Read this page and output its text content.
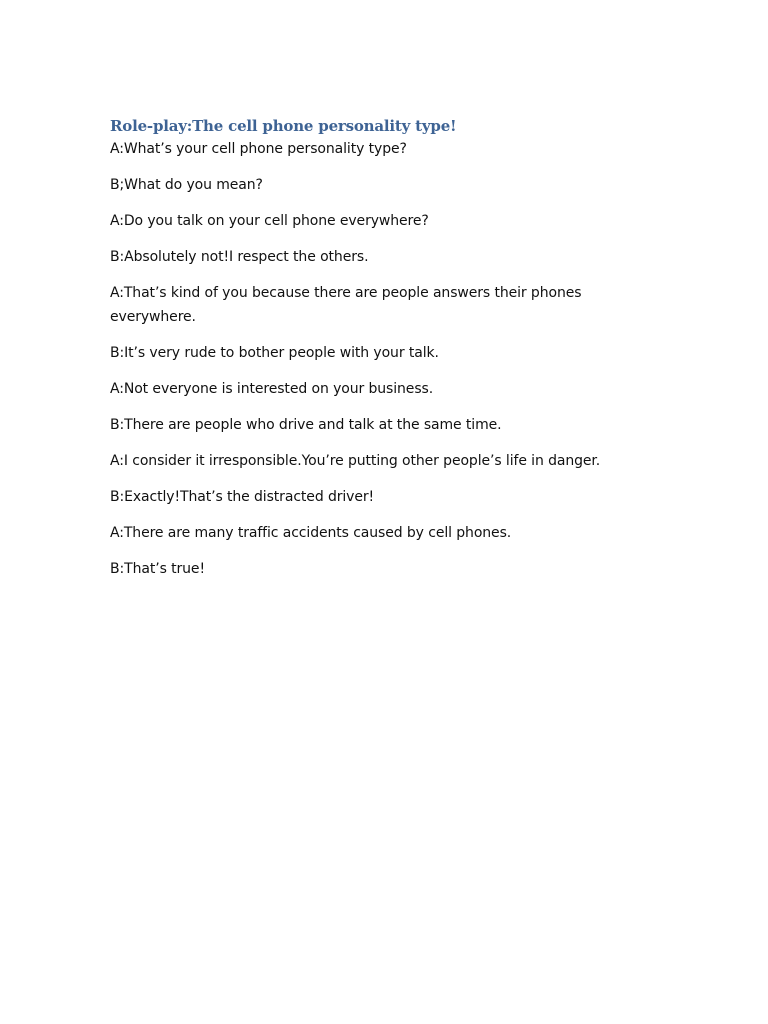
Role-play:The cell phone personality type!

A:What’s your cell phone personality type?

B;What do you mean?

A:Do you talk on your cell phone everywhere?

B:Absolutely not!I respect the others.

A:That’s kind of you because there are people answers their phones everywhere.

B:It’s very rude to bother people with your talk.

A:Not everyone is interested on your business.

B:There are people who drive and talk at the same time.

A:I consider it irresponsible.You’re putting other people’s life in danger.

B:Exactly!That’s the distracted driver!

A:There are many traffic accidents caused by cell phones.

B:That’s true!
